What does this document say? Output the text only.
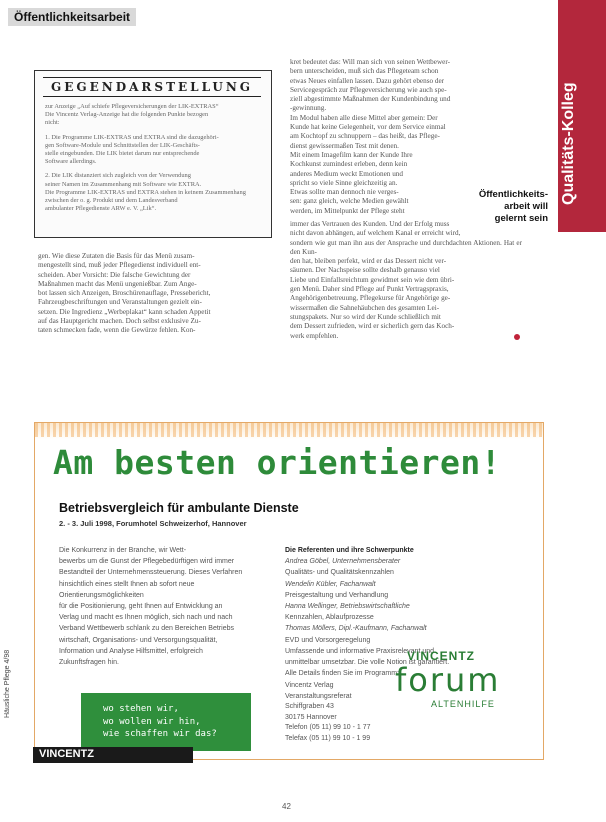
Öffentlichkeitsarbeit
Qualitäts-Kolleg
GEGENDARSTELLUNG
zur Anzeige „Auf schiefe Pflegeversicherungen der LIK-EXTRAS“
Die Vincentz Verlag-Anzeige hat die folgenden Punkte bezogen
nicht:
1. Die Programme LIK-EXTRAS und EXTRA sind die dazugehöri-
gen Software-Module und Schnittstellen der LIK-Geschäfts-
stelle eingebunden. Die LIK bietet darum nur entsprechende
Software allerdings.
2. Die LIK distanziert sich zugleich von der Verwendung
seiner Namen im Zusammenhang mit Software wie EXTRA.
Die Programme LIK-EXTRAS und EXTRA stehen in keinem Zusammenhang
zwischen der o. g. Produkt und dem Landesverband
ambulanter Pflegedienste ARW e. V. „Lik“.
kret bedeutet das: Will man sich von seinen Wettbewer-
bern unterscheiden, muß sich das Pflegeteam schon
etwas Neues einfallen lassen. Dazu gehört ebenso der
Servicegespräch zur Pflegeversicherung wie auch spe-
ziell abgestimmte Maßnahmen der Kundenbindung und
-gewinnung.
Im Modul haben alle diese Mittel aber gemein: Der
Kunde hat keine Gelegenheit, vor dem Service einmal
am Kochtopf zu schnuppern – das heißt, das Pflege-
dienst gewissermaßen Test mit denen.
Mit einem Imagefilm kann der Kunde Ihre
Kochkunst zumindest erleben, denn kein
anderes Medium weckt Emotionen und
spricht so viele Sinne gleichzeitig an.
Etwas sollte man dennoch nie verges-
sen: ganz gleich, welche Medien gewählt
werden, im Mittelpunkt der Pflege steht
Öffentlichkeits-
arbeit will
gelernt sein
immer das Vertrauen des Kunden. Und der Erfolg muss
nicht davon abhängen, auf welchem Kanal er erreicht wird,
sondern wie gut man ihn aus der Ansprache und durchdachten Aktionen. Hat er den Kun-
den hat, bleiben perfekt, wird er das Dessert nicht ver-
säumen. Der Nachspeise sollte deshalb genauso viel
Liebe und Einfallsreichtum gewidmet sein wie dem übri-
gen Menü. Daher sind Pflege auf Punkt Vertragspraxis,
Angehörigenbetreuung, Pflegekurse für Angehörige ge-
wissermaßen die Sahnehäubchen des gesamten Lei-
stungspakets. Nur so wird der Kunde schließlich mit
dem Dessert zufrieden, wird er sicherlich gern das Koch-
werk empfehlen.
gen. Wie diese Zutaten die Basis für das Menü zusam-
mengestellt sind, muß jeder Pflegedienst individuell ent-
scheiden. Aber Vorsicht: Die falsche Gewichtung der
Maßnahmen macht das Menü ungenießbar. Zum Ange-
bot lassen sich Anzeigen, Broschürenauflage, Pressebericht,
Fahrzeugbeschriftungen und Veranstaltungen gezielt ein-
setzen. Die Ingredienz „Werbeplakat“ kann schaden Appetit
auf das Hauptgericht machen. Doch selbst exklusive Zu-
taten schmecken fade, wenn die Gewürze fehlen. Kon-
Am besten orientieren!
Betriebsvergleich für ambulante Dienste
2. - 3. Juli 1998, Forumhotel Schweizerhof, Hannover
Die Konkurrenz in der Branche, wir Wett-
bewerbs um die Gunst der Pflegebedürftigen wird immer
Bestandteil der Unternehmenssteuerung. Dieses Verfahren
hinsichtlich eines stellt Ihnen ab sofort neue Orientierungsmöglichkeiten
für die Positionierung, geht Ihnen auf Entwicklung an
Verlag und macht es Ihnen möglich, sich nach und nach
Verband Wettbewerb schlank zu den Bereichen Betriebs
wirtschaft, Organisations- und Versorgungsqualität,
Information und Analyse Hilfsmittel, erfolgreich
Zukunftsfragen hin.
Die Referenten und ihre Schwerpunkte
Andrea Göbel, Unternehmensberater
Qualitäts- und Qualitätskennzahlen
Wendelin Kübler, Fachanwalt
Preisgestaltung und Verhandlung
Hanna Wellinger, Betriebswirtschaftliche
Kennzahlen, Ablaufprozesse
Thomas Möllers, Dipl.-Kaufmann, Fachanwalt
EVD und Vorsorgeregelung
Umfassende und informative Praxisrelevant und
unmittelbar umsetzbar. Die volle Notion ist garantiert.
Alle Details finden Sie im Programm:
Vincentz Verlag
Veranstaltungsreferat
Schiffgraben 43
30175 Hannover
Telefon (05 11) 99 10 - 1 77
Telefax (05 11) 99 10 - 1 99
VINCENTZ
forum
ALTENHILFE
wo stehen wir,
wo wollen wir hin,
wie schaffen wir das?
VINCENTZ
Häusliche Pflege 4/98
42
